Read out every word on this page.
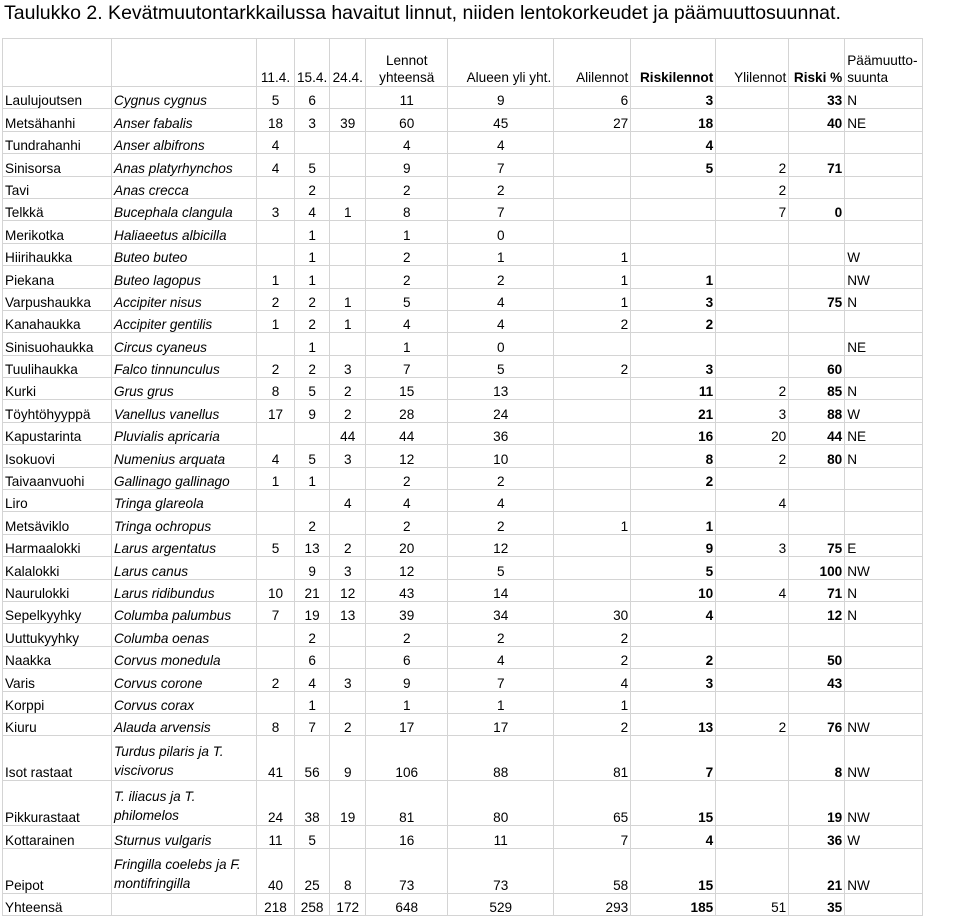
Taulukko 2. Kevätmuutontarkkailussa havaitut linnut, niiden lentokorkeudet ja päämuuttosuunnat.
		11.4.	15.4.	24.4.	Lennot yhteensä	Alueen yli yht.	Alilennot	Riskilennot	Ylilennot	Riski %	Päämuutto- suunta
Laulujoutsen	Cygnus cygnus	5	6		11	9	6	3		33	N
Metsähanhi	Anser fabalis	18	3	39	60	45	27	18		40	NE
Tundrahanhi	Anser albifrons	4			4	4		4			
Sinisorsa	Anas platyrhynchos	4	5		9	7		5	2	71	
Tavi	Anas crecca		2		2	2			2		
Telkkä	Bucephala clangula	3	4	1	8	7			7	0	
Merikotka	Haliaeetus albicilla		1		1	0					
Hiirihaukka	Buteo buteo		1		2	1	1				W
Piekana	Buteo lagopus	1	1		2	2	1	1			NW
Varpushaukka	Accipiter nisus	2	2	1	5	4	1	3		75	N
Kanahaukka	Accipiter gentilis	1	2	1	4	4	2	2			
Sinisuohaukka	Circus cyaneus		1		1	0					NE
Tuulihaukka	Falco tinnunculus	2	2	3	7	5	2	3		60	
Kurki	Grus grus	8	5	2	15	13		11	2	85	N
Töyhtöhyyppä	Vanellus vanellus	17	9	2	28	24		21	3	88	W
Kapustarinta	Pluvialis apricaria			44	44	36		16	20	44	NE
Isokuovi	Numenius arquata	4	5	3	12	10		8	2	80	N
Taivaanvuohi	Gallinago gallinago	1	1		2	2		2			
Liro	Tringa glareola			4	4	4			4		
Metsäviklo	Tringa ochropus		2		2	2	1	1			
Harmaalokki	Larus argentatus	5	13	2	20	12		9	3	75	E
Kalalokki	Larus canus		9	3	12	5		5		100	NW
Naurulokki	Larus ridibundus	10	21	12	43	14		10	4	71	N
Sepelkyyhky	Columba palumbus	7	19	13	39	34	30	4		12	N
Uuttukyyhky	Columba oenas		2		2	2	2				
Naakka	Corvus monedula		6		6	4	2	2		50	
Varis	Corvus corone	2	4	3	9	7	4	3		43	
Korppi	Corvus corax		1		1	1	1				
Kiuru	Alauda arvensis	8	7	2	17	17	2	13	2	76	NW
Isot rastaat	Turdus pilaris ja T. viscivorus	41	56	9	106	88	81	7		8	NW
Pikkurastaat	T. iliacus ja T. philomelos	24	38	19	81	80	65	15		19	NW
Kottarainen	Sturnus vulgaris	11	5		16	11	7	4		36	W
Peipot	Fringilla coelebs ja F. montifringilla	40	25	8	73	73	58	15		21	NW
Yhteensä		218	258	172	648	529	293	185	51	35	
